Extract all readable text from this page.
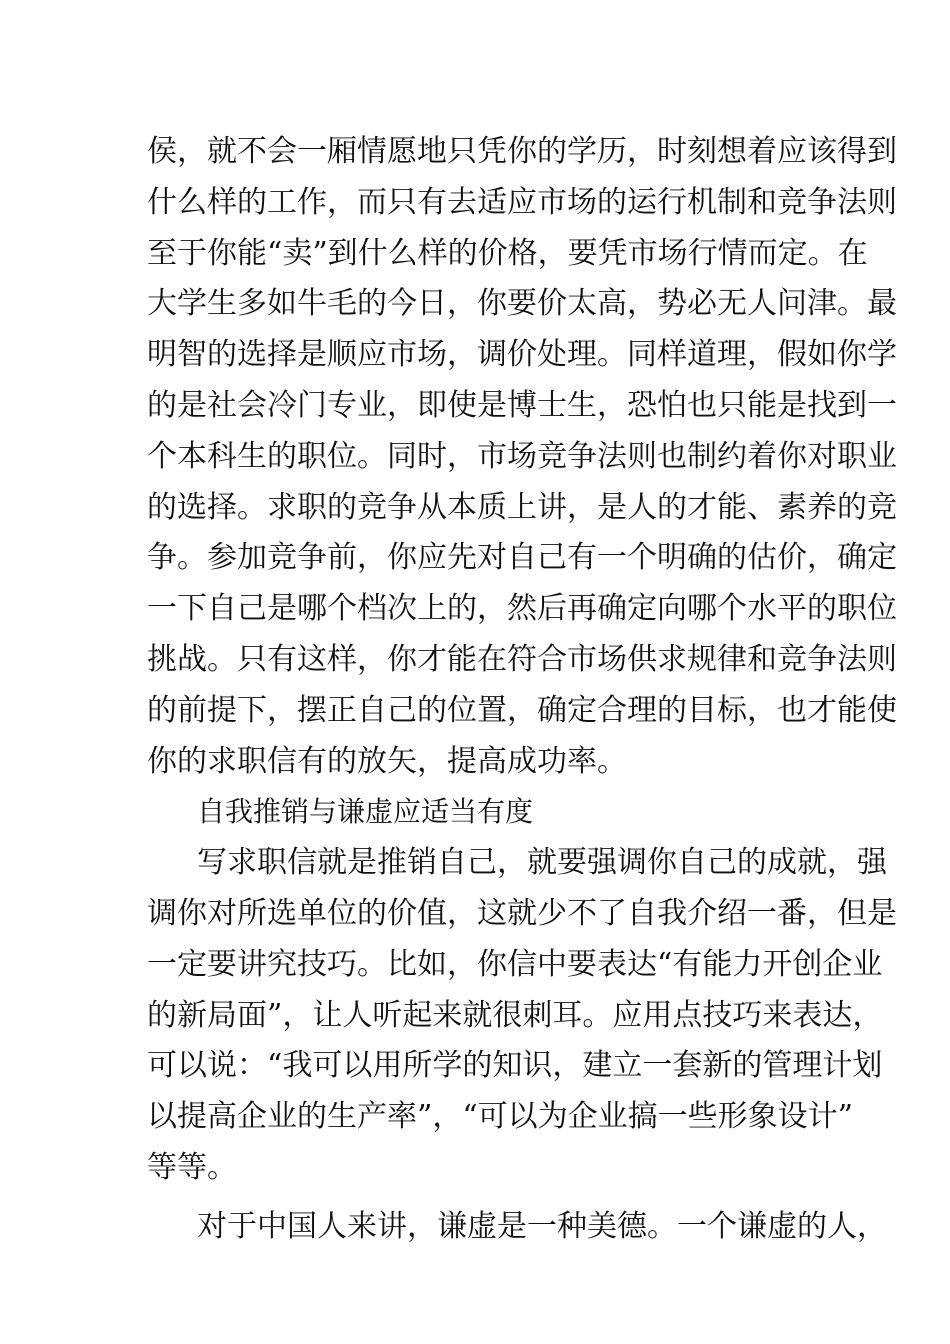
侯，就不会一厢情愿地只凭你的学历，时刻想着应该得到
什么样的工作，而只有去适应市场的运行机制和竞争法则
至于你能“卖”到什么样的价格，要凭市场行情而定。在
大学生多如牛毛的今日，你要价太高，势必无人问津。最
明智的选择是顺应市场，调价处理。同样道理，假如你学
的是社会冷门专业，即使是博士生，恐怕也只能是找到一
个本科生的职位。同时，市场竞争法则也制约着你对职业
的选择。求职的竞争从本质上讲，是人的才能、素养的竞
争。参加竞争前，你应先对自己有一个明确的估价，确定
一下自己是哪个档次上的，然后再确定向哪个水平的职位
挑战。只有这样，你才能在符合市场供求规律和竞争法则
的前提下，摆正自己的位置，确定合理的目标，也才能使
你的求职信有的放矢，提高成功率。
自我推销与谦虚应适当有度
写求职信就是推销自己，就要强调你自己的成就，强
调你对所选单位的价值，这就少不了自我介绍一番，但是
一定要讲究技巧。比如，你信中要表达“有能力开创企业
的新局面”，让人听起来就很刺耳。应用点技巧来表达，
可以说：“我可以用所学的知识，建立一套新的管理计划
以提高企业的生产率”，“可以为企业搞一些形象设计”
等等。
对于中国人来讲，谦虚是一种美德。一个谦虚的人，
